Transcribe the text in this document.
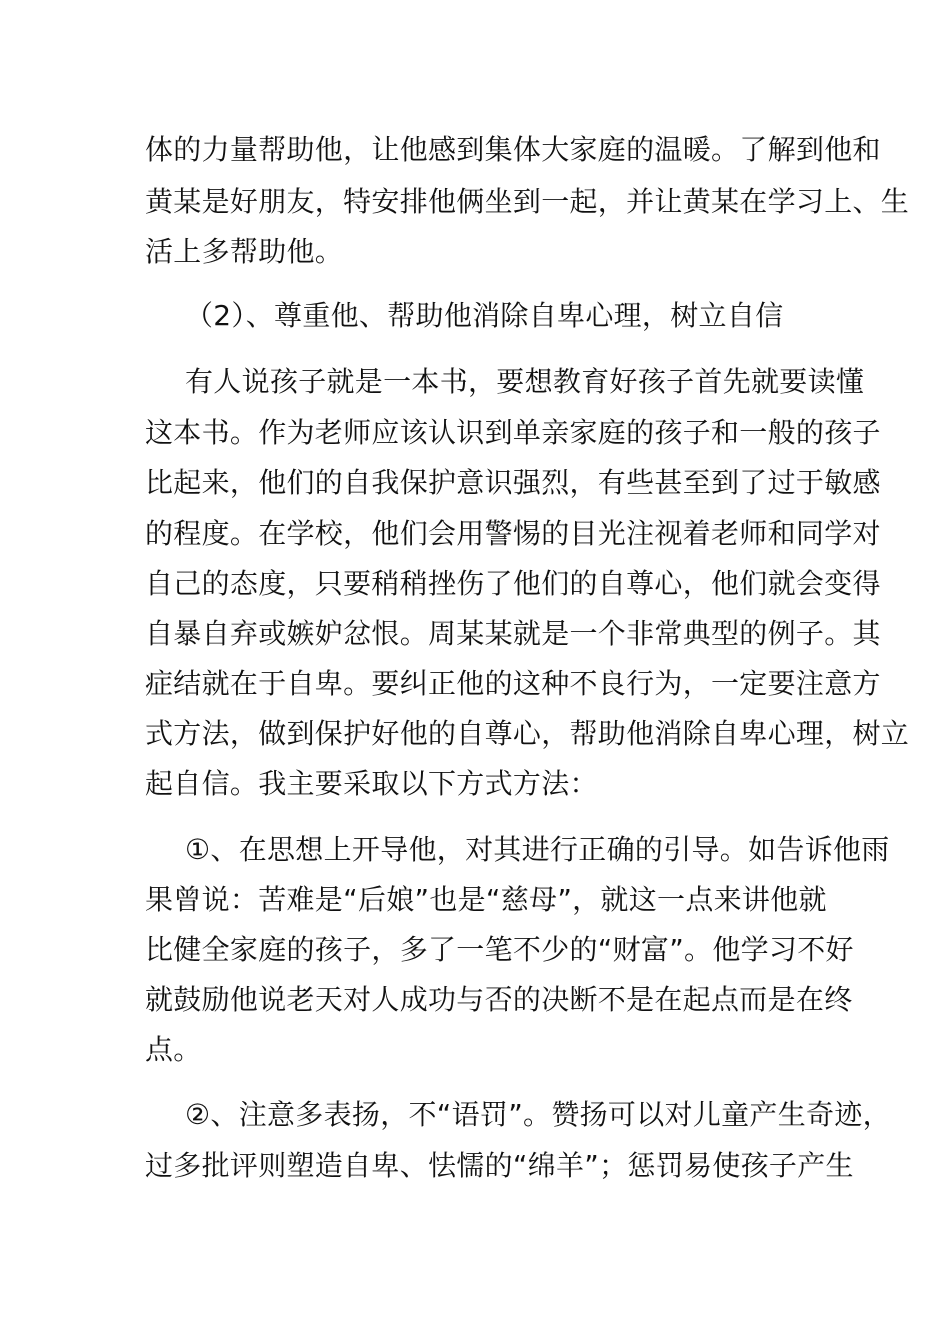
体的力量帮助他，让他感到集体大家庭的温暖。了解到他和

黄某是好朋友，特安排他俩坐到一起，并让黄某在学习上、生

活上多帮助他。

（2）、尊重他、帮助他消除自卑心理，树立自信

有人说孩子就是一本书，要想教育好孩子首先就要读懂

这本书。作为老师应该认识到单亲家庭的孩子和一般的孩子

比起来，他们的自我保护意识强烈，有些甚至到了过于敏感

的程度。在学校，他们会用警惕的目光注视着老师和同学对

自己的态度，只要稍稍挫伤了他们的自尊心，他们就会变得

自暴自弃或嫉妒忿恨。周某某就是一个非常典型的例子。其

症结就在于自卑。要纠正他的这种不良行为，一定要注意方

式方法，做到保护好他的自尊心，帮助他消除自卑心理，树立

起自信。我主要采取以下方式方法：

①、在思想上开导他，对其进行正确的引导。如告诉他雨

果曾说：苦难是“后娘”也是“慈母”，就这一点来讲他就

比健全家庭的孩子，多了一笔不少的“财富”。他学习不好

就鼓励他说老天对人成功与否的决断不是在起点而是在终

点。

②、注意多表扬，不“语罚”。赞扬可以对儿童产生奇迹，

过多批评则塑造自卑、怯懦的“绵羊”；惩罚易使孩子产生
